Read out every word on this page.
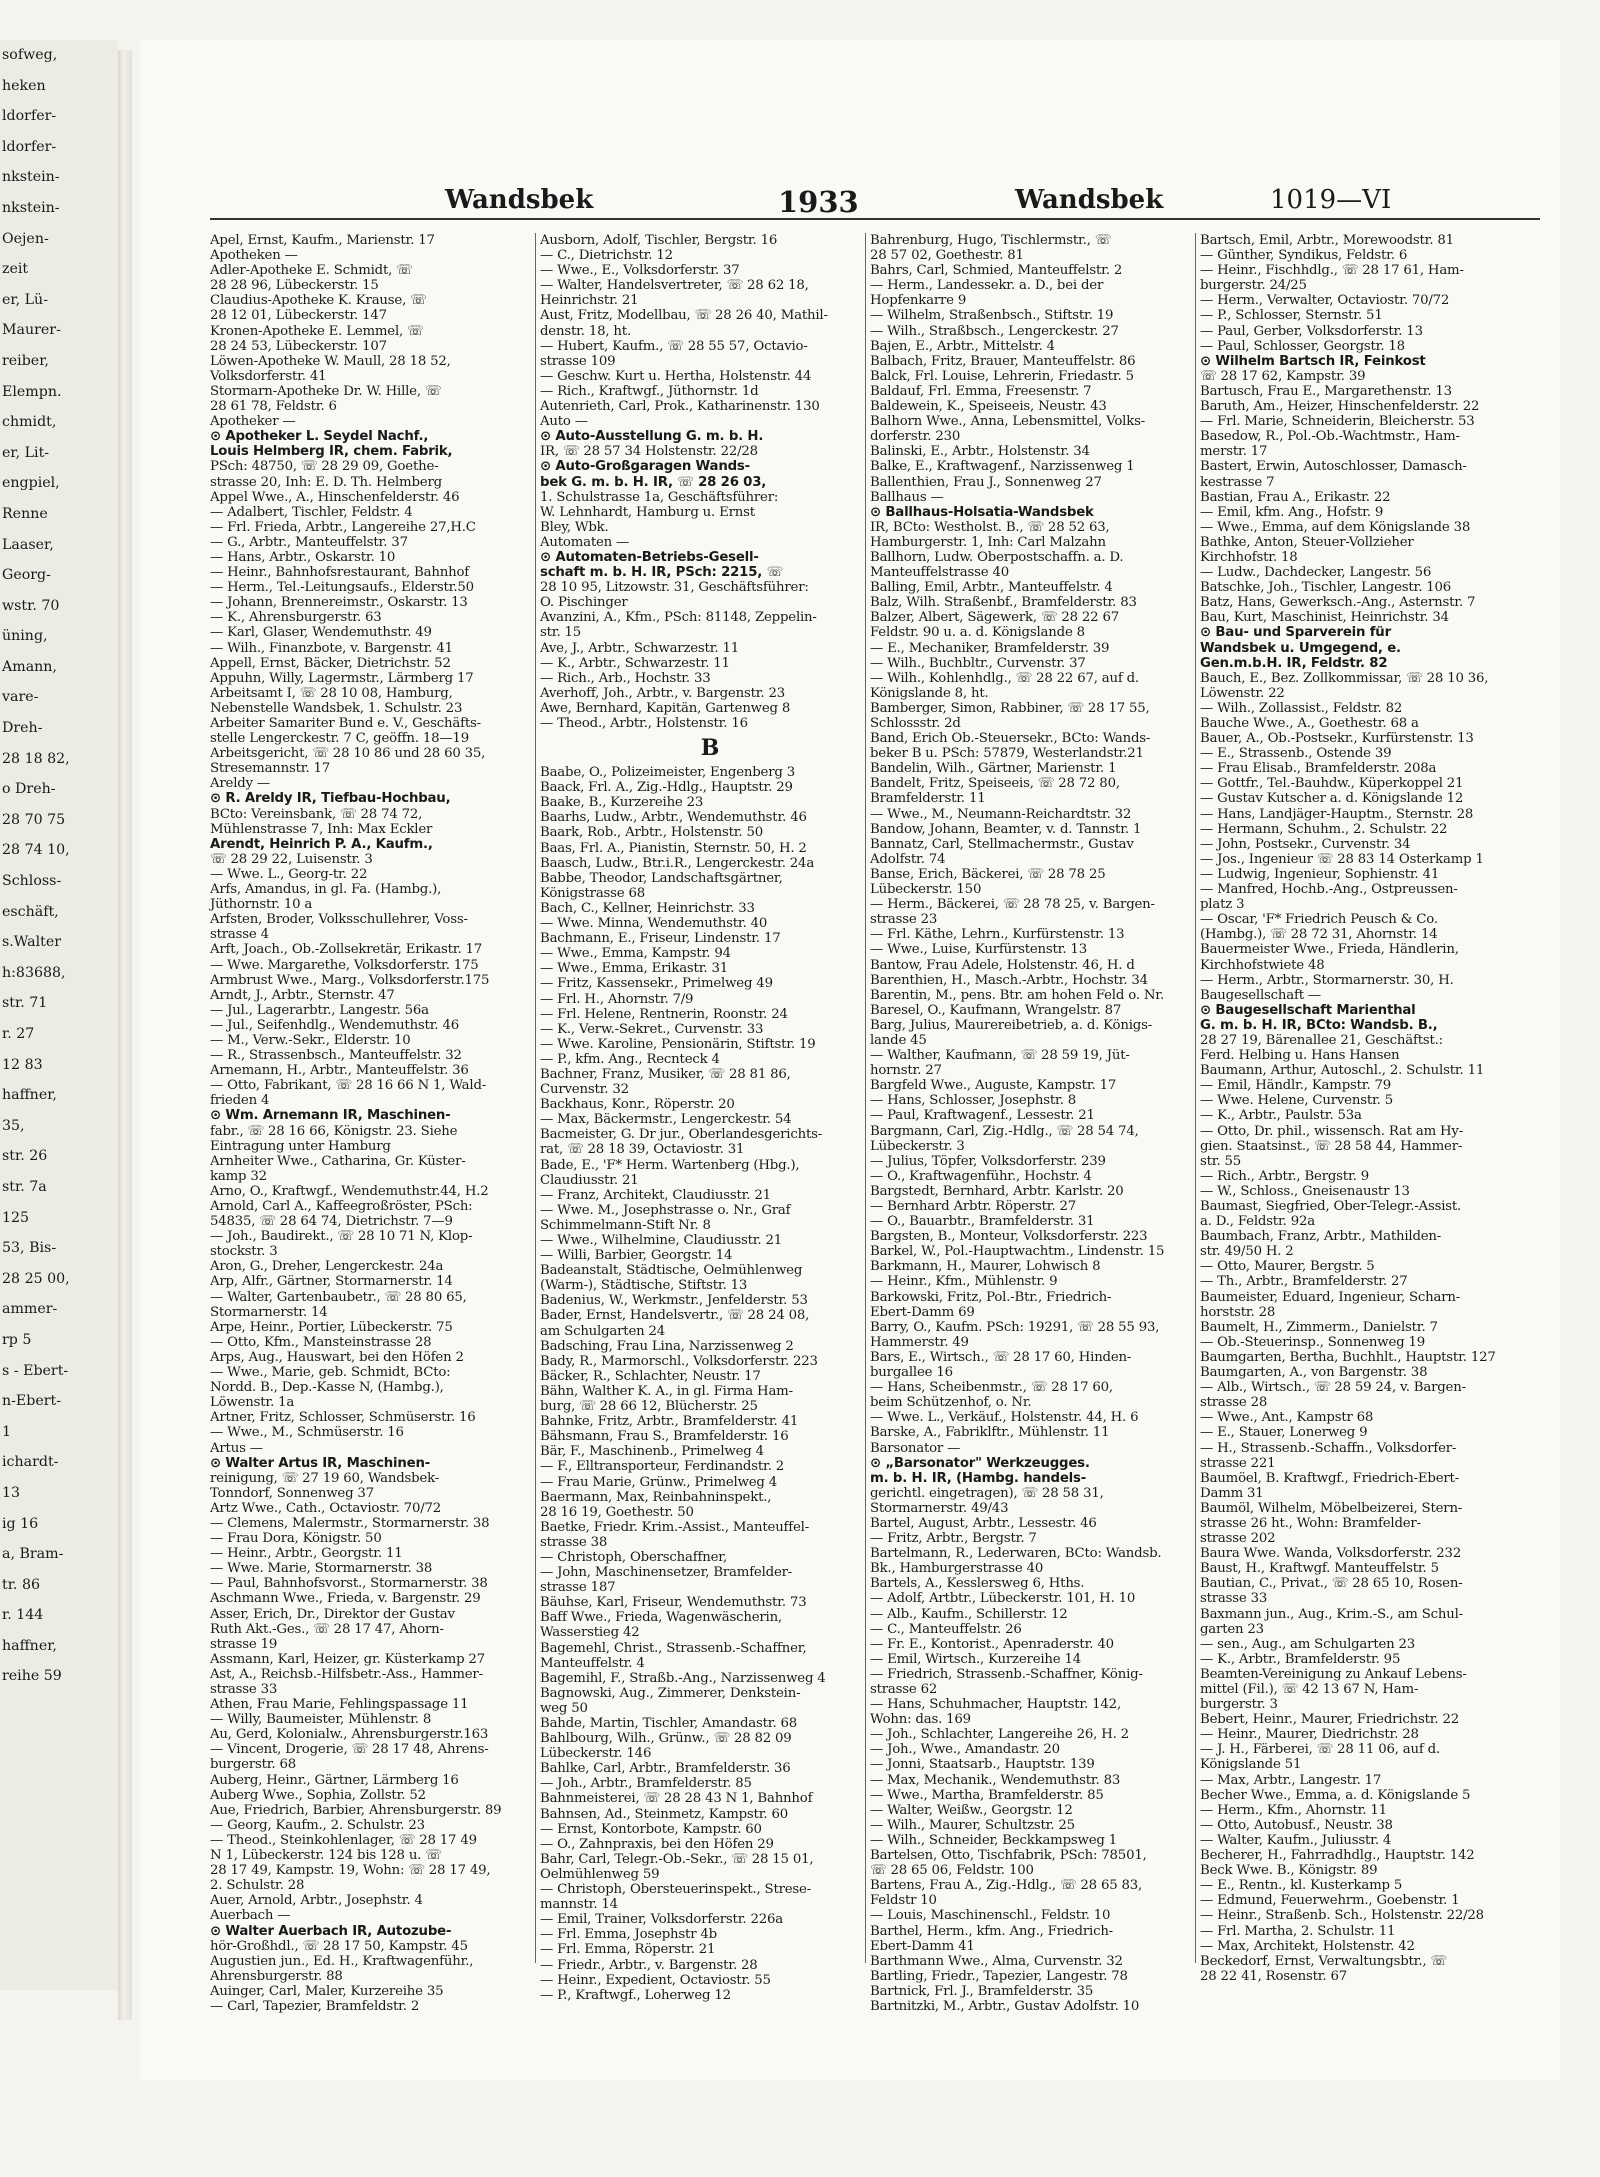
sofweg,
heken
ldorfer-
ldorfer-
nkstein-
nkstein-
Oejen-
zeit
er, Lü-
Maurer-
reiber,
Elempn.
chmidt,
er, Lit-
engpiel,
Renne
Laaser,
Georg-
wstr. 70
üning,
Amann,
vare-
Dreh-
28 18 82,
o Dreh-
28 70 75
28 74 10,
Schloss-
eschäft,
s.Walter
h:83688,
str. 71
r. 27
12 83
haffner,
35,
str. 26
str. 7a
125
53, Bis-
28 25 00,
ammer-
rp 5
s - Ebert-
n-Ebert-
1
ichardt-
13
ig 16
a, Bram-
tr. 86
r. 144
haffner,
reihe 59
Wandsbek	1933	Wandsbek	1019—VI
Apel, Ernst, Kaufm., Marienstr. 17
Apotheken —
Adler-Apotheke E. Schmidt, ☏
28 28 96, Lübeckerstr. 15
Claudius-Apotheke K. Krause, ☏
28 12 01, Lübeckerstr. 147
Kronen-Apotheke E. Lemmel, ☏
28 24 53, Lübeckerstr. 107
Löwen-Apotheke W. Maull, 28 18 52,
Volksdorferstr. 41
Stormarn-Apotheke Dr. W. Hille, ☏
28 61 78, Feldstr. 6
Apotheker —
⊙ Apotheker L. Seydel Nachf.,
Louis Helmberg IR, chem. Fabrik,
PSch: 48750, ☏ 28 29 09, Goethe-
strasse 20, Inh: E. D. Th. Helmberg
Appel Wwe., A., Hinschenfelderstr. 46
— Adalbert, Tischler, Feldstr. 4
— Frl. Frieda, Arbtr., Langereihe 27,H.C
— G., Arbtr., Manteuffelstr. 37
— Hans, Arbtr., Oskarstr. 10
— Heinr., Bahnhofsrestaurant, Bahnhof
— Herm., Tel.-Leitungsaufs., Elderstr.50
— Johann, Brennereimstr., Oskarstr. 13
— K., Ahrensburgerstr. 63
— Karl, Glaser, Wendemuthstr. 49
— Wilh., Finanzbote, v. Bargenstr. 41
Appell, Ernst, Bäcker, Dietrichstr. 52
Appuhn, Willy, Lagermstr., Lärmberg 17
Arbeitsamt I, ☏ 28 10 08, Hamburg,
Nebenstelle Wandsbek, 1. Schulstr. 23
Arbeiter Samariter Bund e. V., Geschäfts-
stelle Lengerckestr. 7 C, geöffn. 18—19
Arbeitsgericht, ☏ 28 10 86 und 28 60 35,
Stresemannstr. 17
Areldy —
⊙ R. Areldy IR, Tiefbau-Hochbau,
BCto: Vereinsbank, ☏ 28 74 72,
Mühlenstrasse 7, Inh: Max Eckler
Arendt, Heinrich P. A., Kaufm.,
☏ 28 29 22, Luisenstr. 3
— Wwe. L., Georg-tr. 22
Arfs, Amandus, in gl. Fa. (Hambg.),
Jüthornstr. 10 a
Arfsten, Broder, Volksschullehrer, Voss-
strasse 4
Arft, Joach., Ob.-Zollsekretär, Erikastr. 17
— Wwe. Margarethe, Volksdorferstr. 175
Armbrust Wwe., Marg., Volksdorferstr.175
Arndt, J., Arbtr., Sternstr. 47
— Jul., Lagerarbtr., Langestr. 56a
— Jul., Seifenhdlg., Wendemuthstr. 46
— M., Verw.-Sekr., Elderstr. 10
— R., Strassenbsch., Manteuffelstr. 32
Arnemann, H., Arbtr., Manteuffelstr. 36
— Otto, Fabrikant, ☏ 28 16 66 N 1, Wald-
frieden 4
⊙ Wm. Arnemann IR, Maschinen-
fabr., ☏ 28 16 66, Königstr. 23. Siehe
Eintragung unter Hamburg
Arnheiter Wwe., Catharina, Gr. Küster-
kamp 32
Arno, O., Kraftwgf., Wendemuthstr.44, H.2
Arnold, Carl A., Kaffeegroßröster, PSch:
54835, ☏ 28 64 74, Dietrichstr. 7—9
— Joh., Baudirekt., ☏ 28 10 71 N, Klop-
stockstr. 3
Aron, G., Dreher, Lengerckestr. 24a
Arp, Alfr., Gärtner, Stormarnerstr. 14
— Walter, Gartenbaubetr., ☏ 28 80 65,
Stormarnerstr. 14
Arpe, Heinr., Portier, Lübeckerstr. 75
— Otto, Kfm., Mansteinstrasse 28
Arps, Aug., Hauswart, bei den Höfen 2
— Wwe., Marie, geb. Schmidt, BCto:
Nordd. B., Dep.-Kasse N, (Hambg.),
Löwenstr. 1a
Artner, Fritz, Schlosser, Schmüserstr. 16
— Wwe., M., Schmüserstr. 16
Artus —
⊙ Walter Artus IR, Maschinen-
reinigung, ☏ 27 19 60, Wandsbek-
Tonndorf, Sonnenweg 37
Artz Wwe., Cath., Octaviostr. 70/72
— Clemens, Malermstr., Stormarnerstr. 38
— Frau Dora, Königstr. 50
— Heinr., Arbtr., Georgstr. 11
— Wwe. Marie, Stormarnerstr. 38
— Paul, Bahnhofsvorst., Stormarnerstr. 38
Aschmann Wwe., Frieda, v. Bargenstr. 29
Asser, Erich, Dr., Direktor der Gustav
Ruth Akt.-Ges., ☏ 28 17 47, Ahorn-
strasse 19
Assmann, Karl, Heizer, gr. Küsterkamp 27
Ast, A., Reichsb.-Hilfsbetr.-Ass., Hammer-
strasse 33
Athen, Frau Marie, Fehlingspassage 11
— Willy, Baumeister, Mühlenstr. 8
Au, Gerd, Kolonialw., Ahrensburgerstr.163
— Vincent, Drogerie, ☏ 28 17 48, Ahrens-
burgerstr. 68
Auberg, Heinr., Gärtner, Lärmberg 16
Auberg Wwe., Sophia, Zollstr. 52
Aue, Friedrich, Barbier, Ahrensburgerstr. 89
— Georg, Kaufm., 2. Schulstr. 23
— Theod., Steinkohlenlager, ☏ 28 17 49
N 1, Lübeckerstr. 124 bis 128 u. ☏
28 17 49, Kampstr. 19, Wohn: ☏ 28 17 49,
2. Schulstr. 28
Auer, Arnold, Arbtr., Josephstr. 4
Auerbach —
⊙ Walter Auerbach IR, Autozube-
hör-Großhdl., ☏ 28 17 50, Kampstr. 45
Augustien jun., Ed. H., Kraftwagenführ.,
Ahrensburgerstr. 88
Auinger, Carl, Maler, Kurzereihe 35
— Carl, Tapezier, Bramfeldstr. 2
Ausborn, Adolf, Tischler, Bergstr. 16
— C., Dietrichstr. 12
— Wwe., E., Volksdorferstr. 37
— Walter, Handelsvertreter, ☏ 28 62 18,
Heinrichstr. 21
Aust, Fritz, Modellbau, ☏ 28 26 40, Mathil-
denstr. 18, ht.
— Hubert, Kaufm., ☏ 28 55 57, Octavio-
strasse 109
— Geschw. Kurt u. Hertha, Holstenstr. 44
— Rich., Kraftwgf., Jüthornstr. 1d
Autenrieth, Carl, Prok., Katharinenstr. 130
Auto —
⊙ Auto-Ausstellung G. m. b. H.
IR, ☏ 28 57 34 Holstenstr. 22/28
⊙ Auto-Großgaragen Wands-
bek G. m. b. H. IR, ☏ 28 26 03,
1. Schulstrasse 1a, Geschäftsführer:
W. Lehnhardt, Hamburg u. Ernst
Bley, Wbk.
Automaten —
⊙ Automaten-Betriebs-Gesell-
schaft m. b. H. IR, PSch: 2215, ☏
28 10 95, Litzowstr. 31, Geschäftsführer:
O. Pischinger
Avanzini, A., Kfm., PSch: 81148, Zeppelin-
str. 15
Ave, J., Arbtr., Schwarzestr. 11
— K., Arbtr., Schwarzestr. 11
— Rich., Arb., Hochstr. 33
Averhoff, Joh., Arbtr., v. Bargenstr. 23
Awe, Bernhard, Kapitän, Gartenweg 8
— Theod., Arbtr., Holstenstr. 16
B
Baabe, O., Polizeimeister, Engenberg 3
Baack, Frl. A., Zig.-Hdlg., Hauptstr. 29
Baake, B., Kurzereihe 23
Baarhs, Ludw., Arbtr., Wendemuthstr. 46
Baark, Rob., Arbtr., Holstenstr. 50
Baas, Frl. A., Pianistin, Sternstr. 50, H. 2
Baasch, Ludw., Btr.i.R., Lengerckestr. 24a
Babbe, Theodor, Landschaftsgärtner,
Königstrasse 68
Bach, C., Kellner, Heinrichstr. 33
— Wwe. Minna, Wendemuthstr. 40
Bachmann, E., Friseur, Lindenstr. 17
— Wwe., Emma, Kampstr. 94
— Wwe., Emma, Erikastr. 31
— Fritz, Kassensekr., Primelweg 49
— Frl. H., Ahornstr. 7/9
— Frl. Helene, Rentnerin, Roonstr. 24
— K., Verw.-Sekret., Curvenstr. 33
— Wwe. Karoline, Pensionärin, Stiftstr. 19
— P., kfm. Ang., Recnteck 4
Bachner, Franz, Musiker, ☏ 28 81 86,
Curvenstr. 32
Backhaus, Konr., Röperstr. 20
— Max, Bäckermstr., Lengerckestr. 54
Bacmeister, G. Dr jur., Oberlandesgerichts-
rat, ☏ 28 18 39, Octaviostr. 31
Bade, E., 'F* Herm. Wartenberg (Hbg.),
Claudiusstr. 21
— Franz, Architekt, Claudiusstr. 21
— Wwe. M., Josephstrasse o. Nr., Graf
Schimmelmann-Stift Nr. 8
— Wwe., Wilhelmine, Claudiusstr. 21
— Willi, Barbier, Georgstr. 14
Badeanstalt, Städtische, Oelmühlenweg
(Warm-), Städtische, Stiftstr. 13
Badenius, W., Werkmstr., Jenfelderstr. 53
Bader, Ernst, Handelsvertr., ☏ 28 24 08,
am Schulgarten 24
Badsching, Frau Lina, Narzissenweg 2
Bady, R., Marmorschl., Volksdorferstr. 223
Bäcker, R., Schlachter, Neustr. 17
Bähn, Walther K. A., in gl. Firma Ham-
burg, ☏ 28 66 12, Blücherstr. 25
Bahnke, Fritz, Arbtr., Bramfelderstr. 41
Bähsmann, Frau S., Bramfelderstr. 16
Bär, F., Maschinenb., Primelweg 4
— F., Elltransporteur, Ferdinandstr. 2
— Frau Marie, Grünw., Primelweg 4
Baermann, Max, Reinbahninspekt.,
28 16 19, Goethestr. 50
Baetke, Friedr. Krim.-Assist., Manteuffel-
strasse 38
— Christoph, Oberschaffner,
— John, Maschinensetzer, Bramfelder-
strasse 187
Bäuhse, Karl, Friseur, Wendemuthstr. 73
Baff Wwe., Frieda, Wagenwäscherin,
Wasserstieg 42
Bagemehl, Christ., Strassenb.-Schaffner,
Manteuffelstr. 4
Bagemihl, F., Straßb.-Ang., Narzissenweg 4
Bagnowski, Aug., Zimmerer, Denkstein-
weg 50
Bahde, Martin, Tischler, Amandastr. 68
Bahlbourg, Wilh., Grünw., ☏ 28 82 09
Lübeckerstr. 146
Bahlke, Carl, Arbtr., Bramfelderstr. 36
— Joh., Arbtr., Bramfelderstr. 85
Bahnmeisterei, ☏ 28 28 43 N 1, Bahnhof
Bahnsen, Ad., Steinmetz, Kampstr. 60
— Ernst, Kontorbote, Kampstr. 60
— O., Zahnpraxis, bei den Höfen 29
Bahr, Carl, Telegr.-Ob.-Sekr., ☏ 28 15 01,
Oelmühlenweg 59
— Christoph, Obersteuerinspekt., Strese-
mannstr. 14
— Emil, Trainer, Volksdorferstr. 226a
— Frl. Emma, Josephstr 4b
— Frl. Emma, Röperstr. 21
— Friedr., Arbtr., v. Bargenstr. 28
— Heinr., Expedient, Octaviostr. 55
— P., Kraftwgf., Loherweg 12
Bahrenburg, Hugo, Tischlermstr., ☏
28 57 02, Goethestr. 81
Bahrs, Carl, Schmied, Manteuffelstr. 2
— Herm., Landessekr. a. D., bei der
Hopfenkarre 9
— Wilhelm, Straßenbsch., Stiftstr. 19
— Wilh., Straßbsch., Lengerckestr. 27
Bajen, E., Arbtr., Mittelstr. 4
Balbach, Fritz, Brauer, Manteuffelstr. 86
Balck, Frl. Louise, Lehrerin, Friedastr. 5
Baldauf, Frl. Emma, Freesenstr. 7
Baldewein, K., Speiseeis, Neustr. 43
Balhorn Wwe., Anna, Lebensmittel, Volks-
dorferstr. 230
Balinski, E., Arbtr., Holstenstr. 34
Balke, E., Kraftwagenf., Narzissenweg 1
Ballenthien, Frau J., Sonnenweg 27
Ballhaus —
⊙ Ballhaus-Holsatia-Wandsbek
IR, BCto: Westholst. B., ☏ 28 52 63,
Hamburgerstr. 1, Inh: Carl Malzahn
Ballhorn, Ludw. Oberpostschaffn. a. D.
Manteuffelstrasse 40
Balling, Emil, Arbtr., Manteuffelstr. 4
Balz, Wilh. Straßenbf., Bramfelderstr. 83
Balzer, Albert, Sägewerk, ☏ 28 22 67
Feldstr. 90 u. a. d. Königslande 8
— E., Mechaniker, Bramfelderstr. 39
— Wilh., Buchbltr., Curvenstr. 37
— Wilh., Kohlenhdlg., ☏ 28 22 67, auf d.
Königslande 8, ht.
Bamberger, Simon, Rabbiner, ☏ 28 17 55,
Schlossstr. 2d
Band, Erich Ob.-Steuersekr., BCto: Wands-
beker B u. PSch: 57879, Westerlandstr.21
Bandelin, Wilh., Gärtner, Marienstr. 1
Bandelt, Fritz, Speiseeis, ☏ 28 72 80,
Bramfelderstr. 11
— Wwe., M., Neumann-Reichardtstr. 32
Bandow, Johann, Beamter, v. d. Tannstr. 1
Bannatz, Carl, Stellmachermstr., Gustav
Adolfstr. 74
Banse, Erich, Bäckerei, ☏ 28 78 25
Lübeckerstr. 150
— Herm., Bäckerei, ☏ 28 78 25, v. Bargen-
strasse 23
— Frl. Käthe, Lehrn., Kurfürstenstr. 13
— Wwe., Luise, Kurfürstenstr. 13
Bantow, Frau Adele, Holstenstr. 46, H. d
Barenthien, H., Masch.-Arbtr., Hochstr. 34
Barentin, M., pens. Btr. am hohen Feld o. Nr.
Baresel, O., Kaufmann, Wrangelstr. 87
Barg, Julius, Maurereibetrieb, a. d. Königs-
lande 45
— Walther, Kaufmann, ☏ 28 59 19, Jüt-
hornstr. 27
Bargfeld Wwe., Auguste, Kampstr. 17
— Hans, Schlosser, Josephstr. 8
— Paul, Kraftwagenf., Lessestr. 21
Bargmann, Carl, Zig.-Hdlg., ☏ 28 54 74,
Lübeckerstr. 3
— Julius, Töpfer, Volksdorferstr. 239
— O., Kraftwagenführ., Hochstr. 4
Bargstedt, Bernhard, Arbtr. Karlstr. 20
— Bernhard Arbtr. Röperstr. 27
— O., Bauarbtr., Bramfelderstr. 31
Bargsten, B., Monteur, Volksdorferstr. 223
Barkel, W., Pol.-Hauptwachtm., Lindenstr. 15
Barkmann, H., Maurer, Lohwisch 8
— Heinr., Kfm., Mühlenstr. 9
Barkowski, Fritz, Pol.-Btr., Friedrich-
Ebert-Damm 69
Barry, O., Kaufm. PSch: 19291, ☏ 28 55 93,
Hammerstr. 49
Bars, E., Wirtsch., ☏ 28 17 60, Hinden-
burgallee 16
— Hans, Scheibenmstr., ☏ 28 17 60,
beim Schützenhof, o. Nr.
— Wwe. L., Verkäuf., Holstenstr. 44, H. 6
Barske, A., Fabriklftr., Mühlenstr. 11
Barsonator —
⊙ „Barsonator" Werkzeugges.
m. b. H. IR, (Hambg. handels-
gerichtl. eingetragen), ☏ 28 58 31,
Stormarnerstr. 49/43
Bartel, August, Arbtr., Lessestr. 46
— Fritz, Arbtr., Bergstr. 7
Bartelmann, R., Lederwaren, BCto: Wandsb.
Bk., Hamburgerstrasse 40
Bartels, A., Kesslersweg 6, Hths.
— Adolf, Artbtr., Lübeckerstr. 101, H. 10
— Alb., Kaufm., Schillerstr. 12
— C., Manteuffelstr. 26
— Fr. E., Kontorist., Apenraderstr. 40
— Emil, Wirtsch., Kurzereihe 14
— Friedrich, Strassenb.-Schaffner, König-
strasse 62
— Hans, Schuhmacher, Hauptstr. 142,
Wohn: das. 169
— Joh., Schlachter, Langereihe 26, H. 2
— Joh., Wwe., Amandastr. 20
— Jonni, Staatsarb., Hauptstr. 139
— Max, Mechanik., Wendemuthstr. 83
— Wwe., Martha, Bramfelderstr. 85
— Walter, Weißw., Georgstr. 12
— Wilh., Maurer, Schultzstr. 25
— Wilh., Schneider, Beckkampsweg 1
Bartelsen, Otto, Tischfabrik, PSch: 78501,
☏ 28 65 06, Feldstr. 100
Bartens, Frau A., Zig.-Hdlg., ☏ 28 65 83,
Feldstr 10
— Louis, Maschinenschl., Feldstr. 10
Barthel, Herm., kfm. Ang., Friedrich-
Ebert-Damm 41
Barthmann Wwe., Alma, Curvenstr. 32
Bartling, Friedr., Tapezier, Langestr. 78
Bartnick, Frl. J., Bramfelderstr. 35
Bartnitzki, M., Arbtr., Gustav Adolfstr. 10
Bartsch, Emil, Arbtr., Morewoodstr. 81
— Günther, Syndikus, Feldstr. 6
— Heinr., Fischhdlg., ☏ 28 17 61, Ham-
burgerstr. 24/25
— Herm., Verwalter, Octaviostr. 70/72
— P., Schlosser, Sternstr. 51
— Paul, Gerber, Volksdorferstr. 13
— Paul, Schlosser, Georgstr. 18
⊙ Wilhelm Bartsch IR, Feinkost
☏ 28 17 62, Kampstr. 39
Bartusch, Frau E., Margarethenstr. 13
Baruth, Am., Heizer, Hinschenfelderstr. 22
— Frl. Marie, Schneiderin, Bleicherstr. 53
Basedow, R., Pol.-Ob.-Wachtmstr., Ham-
merstr. 17
Bastert, Erwin, Autoschlosser, Damasch-
kestrasse 7
Bastian, Frau A., Erikastr. 22
— Emil, kfm. Ang., Hofstr. 9
— Wwe., Emma, auf dem Königslande 38
Bathke, Anton, Steuer-Vollzieher
Kirchhofstr. 18
— Ludw., Dachdecker, Langestr. 56
Batschke, Joh., Tischler, Langestr. 106
Batz, Hans, Gewerksch.-Ang., Asternstr. 7
Bau, Kurt, Maschinist, Heinrichstr. 34
⊙ Bau- und Sparverein für
Wandsbek u. Umgegend, e.
Gen.m.b.H. IR, Feldstr. 82
Bauch, E., Bez. Zollkommissar, ☏ 28 10 36,
Löwenstr. 22
— Wilh., Zollassist., Feldstr. 82
Bauche Wwe., A., Goethestr. 68 a
Bauer, A., Ob.-Postsekr., Kurfürstenstr. 13
— E., Strassenb., Ostende 39
— Frau Elisab., Bramfelderstr. 208a
— Gottfr., Tel.-Bauhdw., Küperkoppel 21
— Gustav Kutscher a. d. Königslande 12
— Hans, Landjäger-Hauptm., Sternstr. 28
— Hermann, Schuhm., 2. Schulstr. 22
— John, Postsekr., Curvenstr. 34
— Jos., Ingenieur ☏ 28 83 14 Osterkamp 1
— Ludwig, Ingenieur, Sophienstr. 41
— Manfred, Hochb.-Ang., Ostpreussen-
platz 3
— Oscar, 'F* Friedrich Peusch & Co.
(Hambg.), ☏ 28 72 31, Ahornstr. 14
Bauermeister Wwe., Frieda, Händlerin,
Kirchhofstwiete 48
— Herm., Arbtr., Stormarnerstr. 30, H.
Baugesellschaft —
⊙ Baugesellschaft Marienthal
G. m. b. H. IR, BCto: Wandsb. B.,
28 27 19, Bärenallee 21, Geschäftst.:
Ferd. Helbing u. Hans Hansen
Baumann, Arthur, Autoschl., 2. Schulstr. 11
— Emil, Händlr., Kampstr. 79
— Wwe. Helene, Curvenstr. 5
— K., Arbtr., Paulstr. 53a
— Otto, Dr. phil., wissensch. Rat am Hy-
gien. Staatsinst., ☏ 28 58 44, Hammer-
str. 55
— Rich., Arbtr., Bergstr. 9
— W., Schloss., Gneisenaustr 13
Baumast, Siegfried, Ober-Telegr.-Assist.
a. D., Feldstr. 92a
Baumbach, Franz, Arbtr., Mathilden-
str. 49/50 H. 2
— Otto, Maurer, Bergstr. 5
— Th., Arbtr., Bramfelderstr. 27
Baumeister, Eduard, Ingenieur, Scharn-
horststr. 28
Baumelt, H., Zimmerm., Danielstr. 7
— Ob.-Steuerinsp., Sonnenweg 19
Baumgarten, Bertha, Buchhlt., Hauptstr. 127
Baumgarten, A., von Bargenstr. 38
— Alb., Wirtsch., ☏ 28 59 24, v. Bargen-
strasse 28
— Wwe., Ant., Kampstr 68
— E., Stauer, Lonerweg 9
— H., Strassenb.-Schaffn., Volksdorfer-
strasse 221
Baumöel, B. Kraftwgf., Friedrich-Ebert-
Damm 31
Baumöl, Wilhelm, Möbelbeizerei, Stern-
strasse 26 ht., Wohn: Bramfelder-
strasse 202
Baura Wwe. Wanda, Volksdorferstr. 232
Baust, H., Kraftwgf. Manteuffelstr. 5
Bautian, C., Privat., ☏ 28 65 10, Rosen-
strasse 33
Baxmann jun., Aug., Krim.-S., am Schul-
garten 23
— sen., Aug., am Schulgarten 23
— K., Arbtr., Bramfelderstr. 95
Beamten-Vereinigung zu Ankauf Lebens-
mittel (Fil.), ☏ 42 13 67 N, Ham-
burgerstr. 3
Bebert, Heinr., Maurer, Friedrichstr. 22
— Heinr., Maurer, Diedrichstr. 28
— J. H., Färberei, ☏ 28 11 06, auf d.
Königslande 51
— Max, Arbtr., Langestr. 17
Becher Wwe., Emma, a. d. Königslande 5
— Herm., Kfm., Ahornstr. 11
— Otto, Autobusf., Neustr. 38
— Walter, Kaufm., Juliusstr. 4
Becherer, H., Fahrradhdlg., Hauptstr. 142
Beck Wwe. B., Königstr. 89
— E., Rentn., kl. Kusterkamp 5
— Edmund, Feuerwehrm., Goebenstr. 1
— Heinr., Straßenb. Sch., Holstenstr. 22/28
— Frl. Martha, 2. Schulstr. 11
— Max, Architekt, Holstenstr. 42
Beckedorf, Ernst, Verwaltungsbtr., ☏
28 22 41, Rosenstr. 67
